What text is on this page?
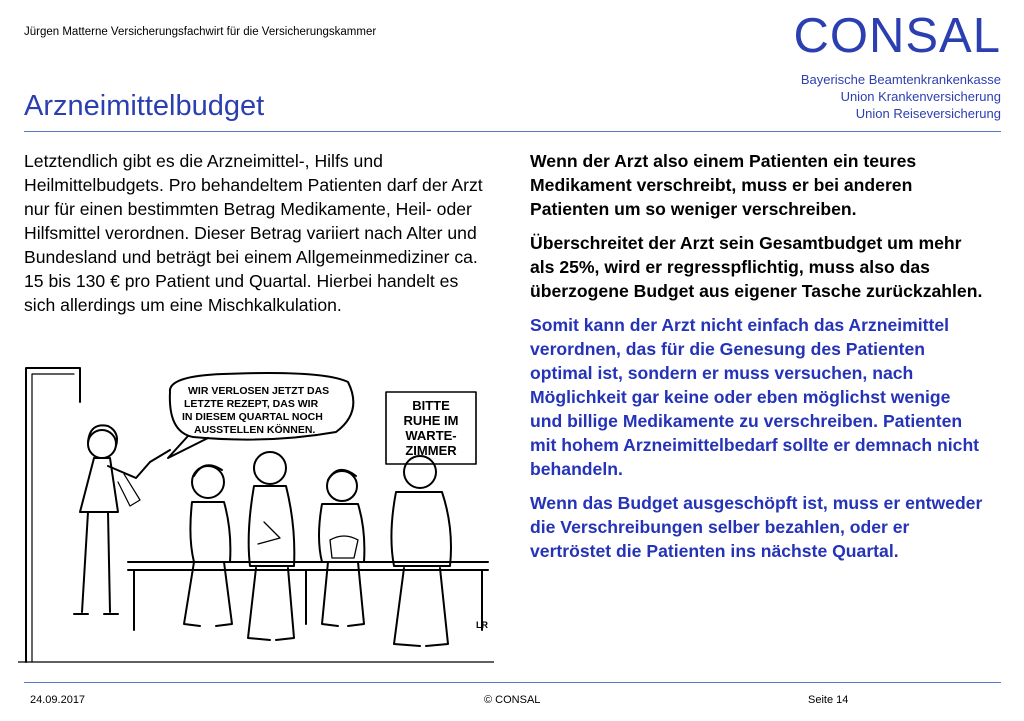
Jürgen Matterne Versicherungsfachwirt für die Versicherungskammer	CONSAL
Bayerische Beamtenkrankenkasse
Union Krankenversicherung
Union Reiseversicherung
Arzneimittelbudget
Letztendlich gibt es die Arzneimittel-, Hilfs und Heilmittelbudgets. Pro behandeltem Patienten darf der Arzt nur für einen bestimmten Betrag Medikamente, Heil- oder Hilfsmittel verordnen. Dieser Betrag variiert nach Alter und Bundesland und beträgt bei einem Allgemeinmediziner ca. 15 bis 130 € pro Patient und Quartal. Hierbei handelt es sich allerdings um eine Mischkalkulation.

Wenn der Arzt also einem Patienten ein teures Medikament verschreibt, muss er bei anderen Patienten um so weniger verschreiben.

Überschreitet der Arzt sein Gesamtbudget um mehr als 25%, wird er regresspflichtig, muss also das überzogene Budget aus eigener Tasche zurückzahlen.

Somit kann der Arzt nicht einfach das Arzneimittel verordnen, das für die Genesung des Patienten optimal ist, sondern er muss versuchen, nach Möglichkeit gar keine oder eben möglichst wenige und billige Medikamente zu verschreiben. Patienten mit hohem Arzneimittelbedarf sollte er demnach nicht behandeln.

Wenn das Budget ausgeschöpft ist, muss er entweder die Verschreibungen selber bezahlen, oder er vertröstet die Patienten ins nächste Quartal.

WIR VERLOSEN JETZT DAS
LETZTE REZEPT, DAS WIR
IN DIESEM QUARTAL NOCH
AUSSTELLEN KÖNNEN.
BITTE
RUHE IM
WARTE-
ZIMMER
LR
24.09.2017	© CONSAL	Seite 14
